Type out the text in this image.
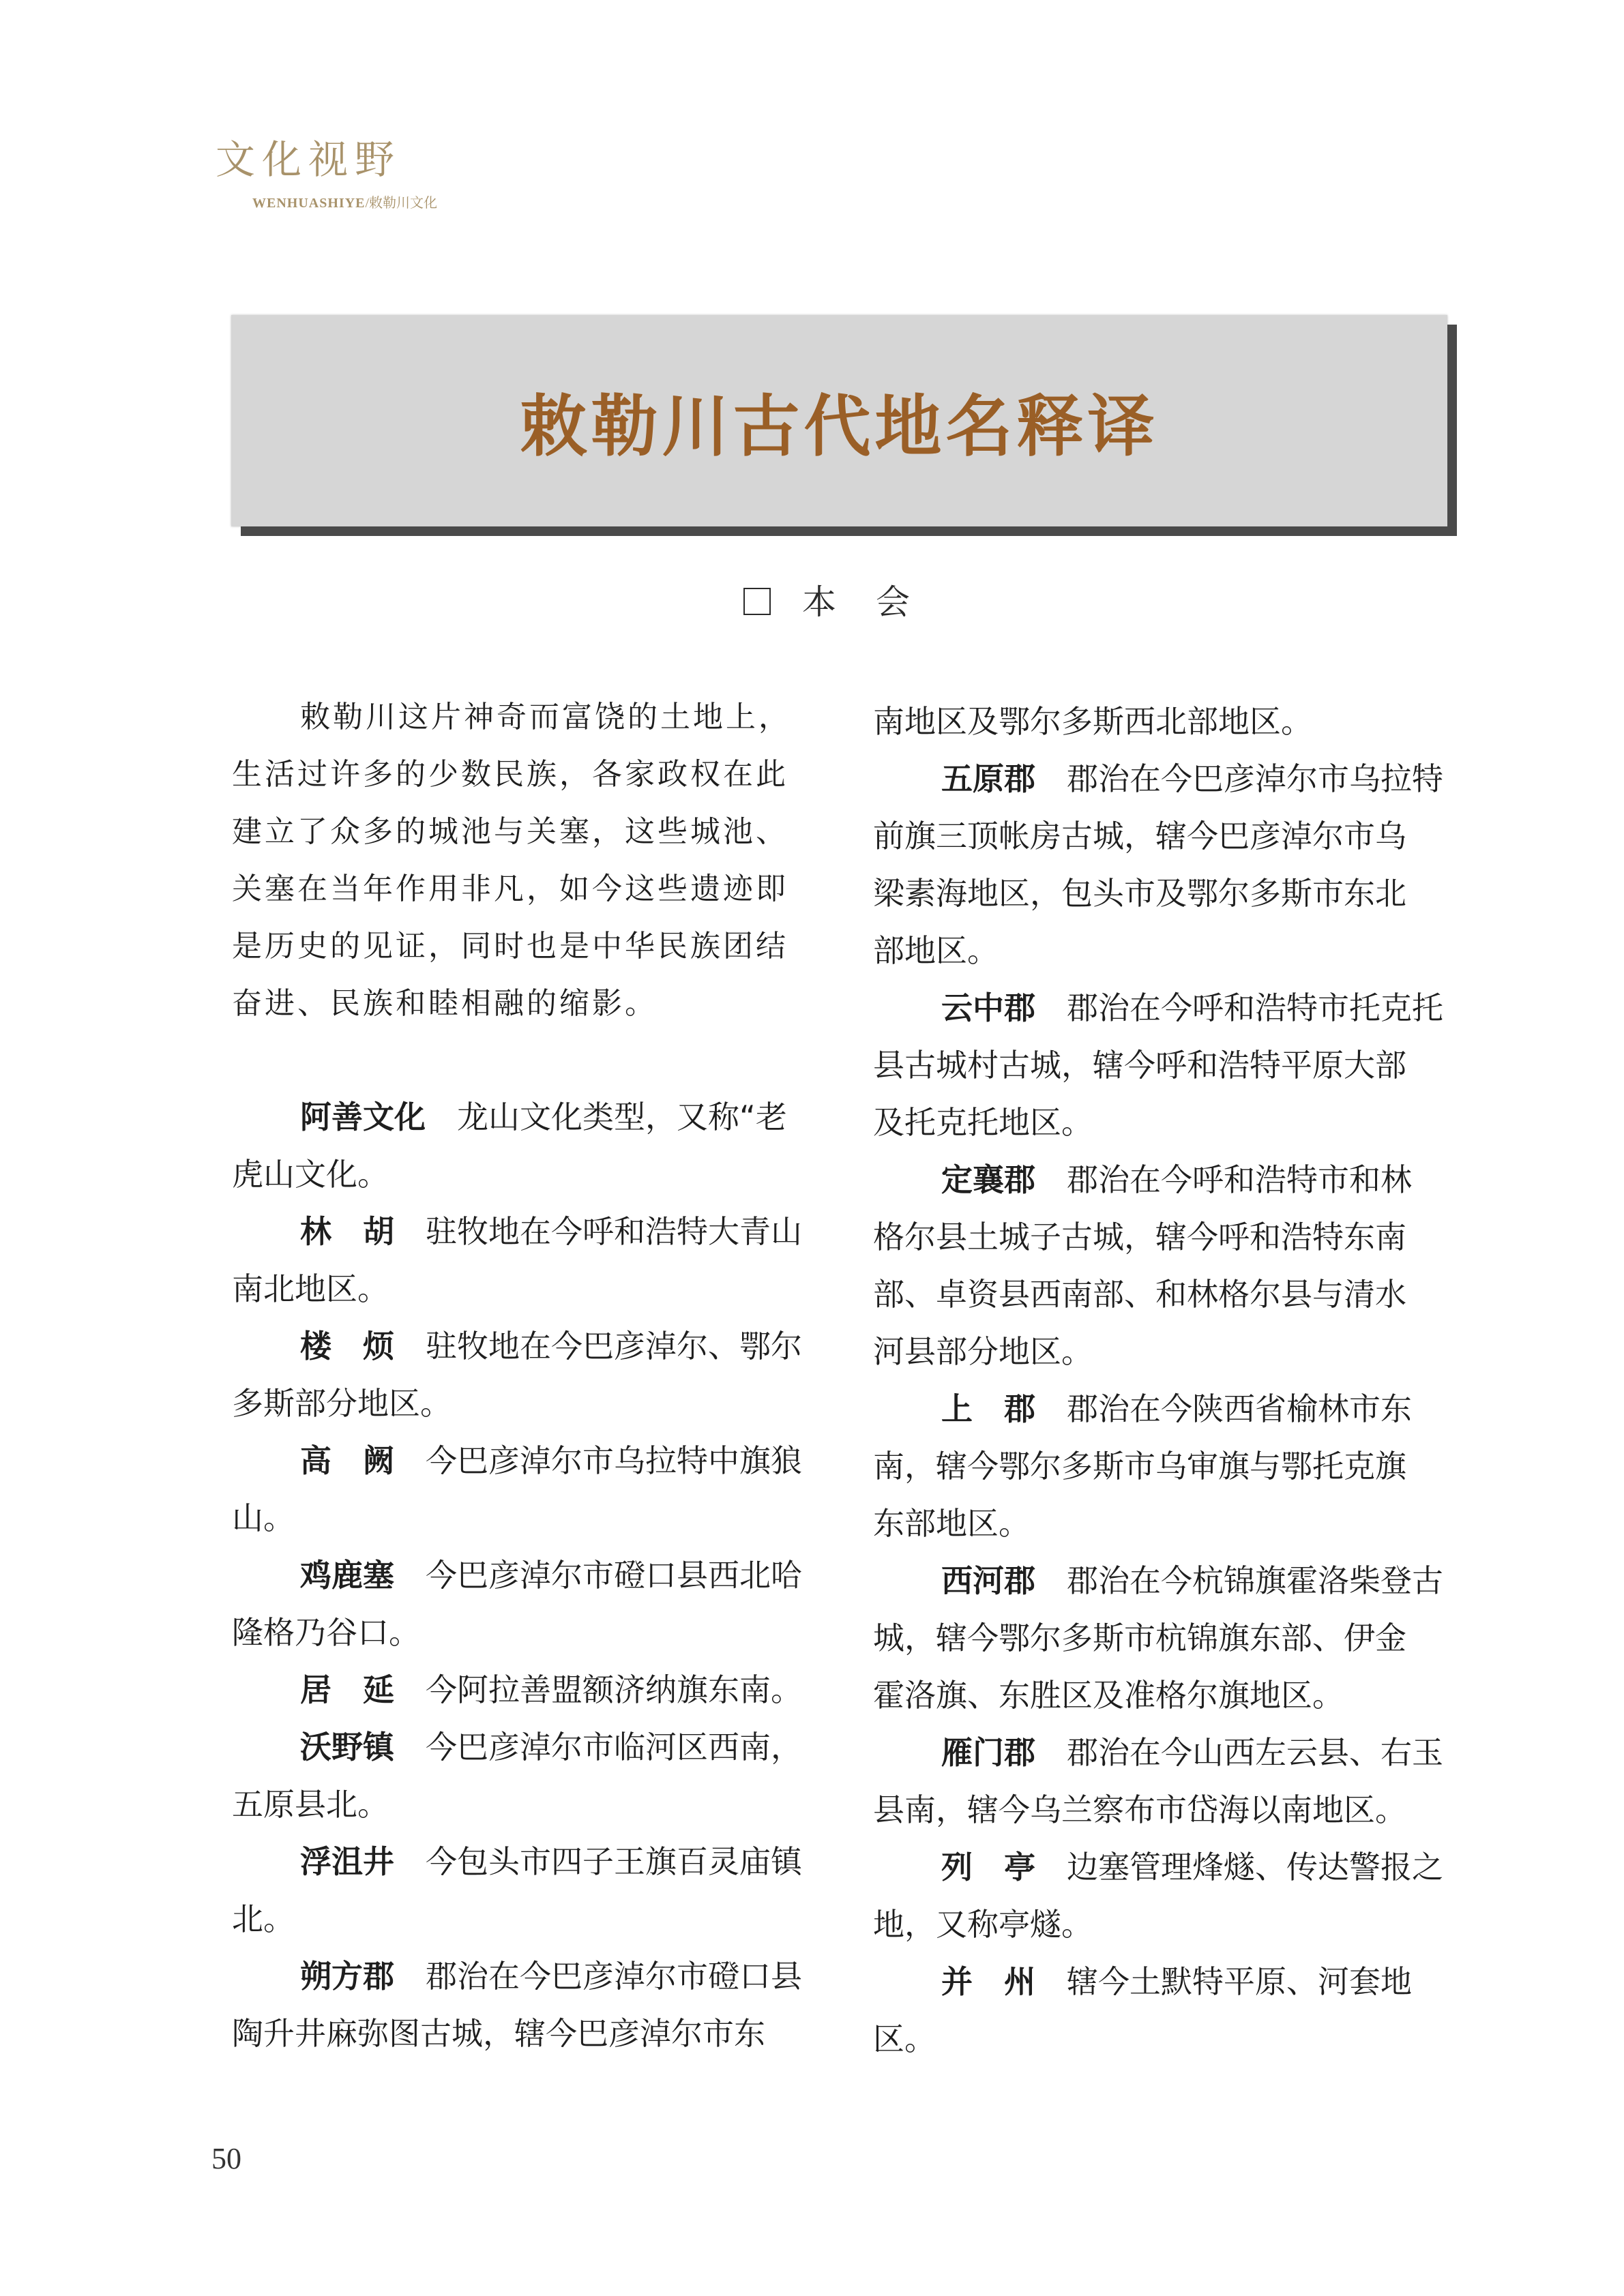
文化视野
WENHUASHIYE/敕勒川文化
敕勒川古代地名释译
本 会
敕勒川这片神奇而富饶的土地上，
生活过许多的少数民族，各家政权在此
建立了众多的城池与关塞，这些城池、
关塞在当年作用非凡，如今这些遗迹即
是历史的见证，同时也是中华民族团结
奋进、民族和睦相融的缩影。
阿善文化　 龙山文化类型，又称“老
虎山文化。
林　胡　 驻牧地在今呼和浩特大青山
南北地区。
楼　烦　 驻牧地在今巴彦淖尔、鄂尔
多斯部分地区。
高　阙　 今巴彦淖尔市乌拉特中旗狼
山。
鸡鹿塞　 今巴彦淖尔市磴口县西北哈
隆格乃谷口。
居　延　 今阿拉善盟额济纳旗东南。
沃野镇　 今巴彦淖尔市临河区西南，
五原县北。
浮沮井　 今包头市四子王旗百灵庙镇
北。
朔方郡　 郡治在今巴彦淖尔市磴口县
陶升井麻弥图古城，辖今巴彦淖尔市东
南地区及鄂尔多斯西北部地区。
五原郡　 郡治在今巴彦淖尔市乌拉特
前旗三顶帐房古城，辖今巴彦淖尔市乌
梁素海地区，包头市及鄂尔多斯市东北
部地区。
云中郡　 郡治在今呼和浩特市托克托
县古城村古城，辖今呼和浩特平原大部
及托克托地区。
定襄郡　 郡治在今呼和浩特市和林
格尔县土城子古城，辖今呼和浩特东南
部、卓资县西南部、和林格尔县与清水
河县部分地区。
上　郡　 郡治在今陕西省榆林市东
南，辖今鄂尔多斯市乌审旗与鄂托克旗
东部地区。
西河郡　 郡治在今杭锦旗霍洛柴登古
城，辖今鄂尔多斯市杭锦旗东部、伊金
霍洛旗、东胜区及准格尔旗地区。
雁门郡　 郡治在今山西左云县、右玉
县南，辖今乌兰察布市岱海以南地区。
列　亭　 边塞管理烽燧、传达警报之
地，又称亭燧。
并　州　 辖今土默特平原、河套地
区。
50
